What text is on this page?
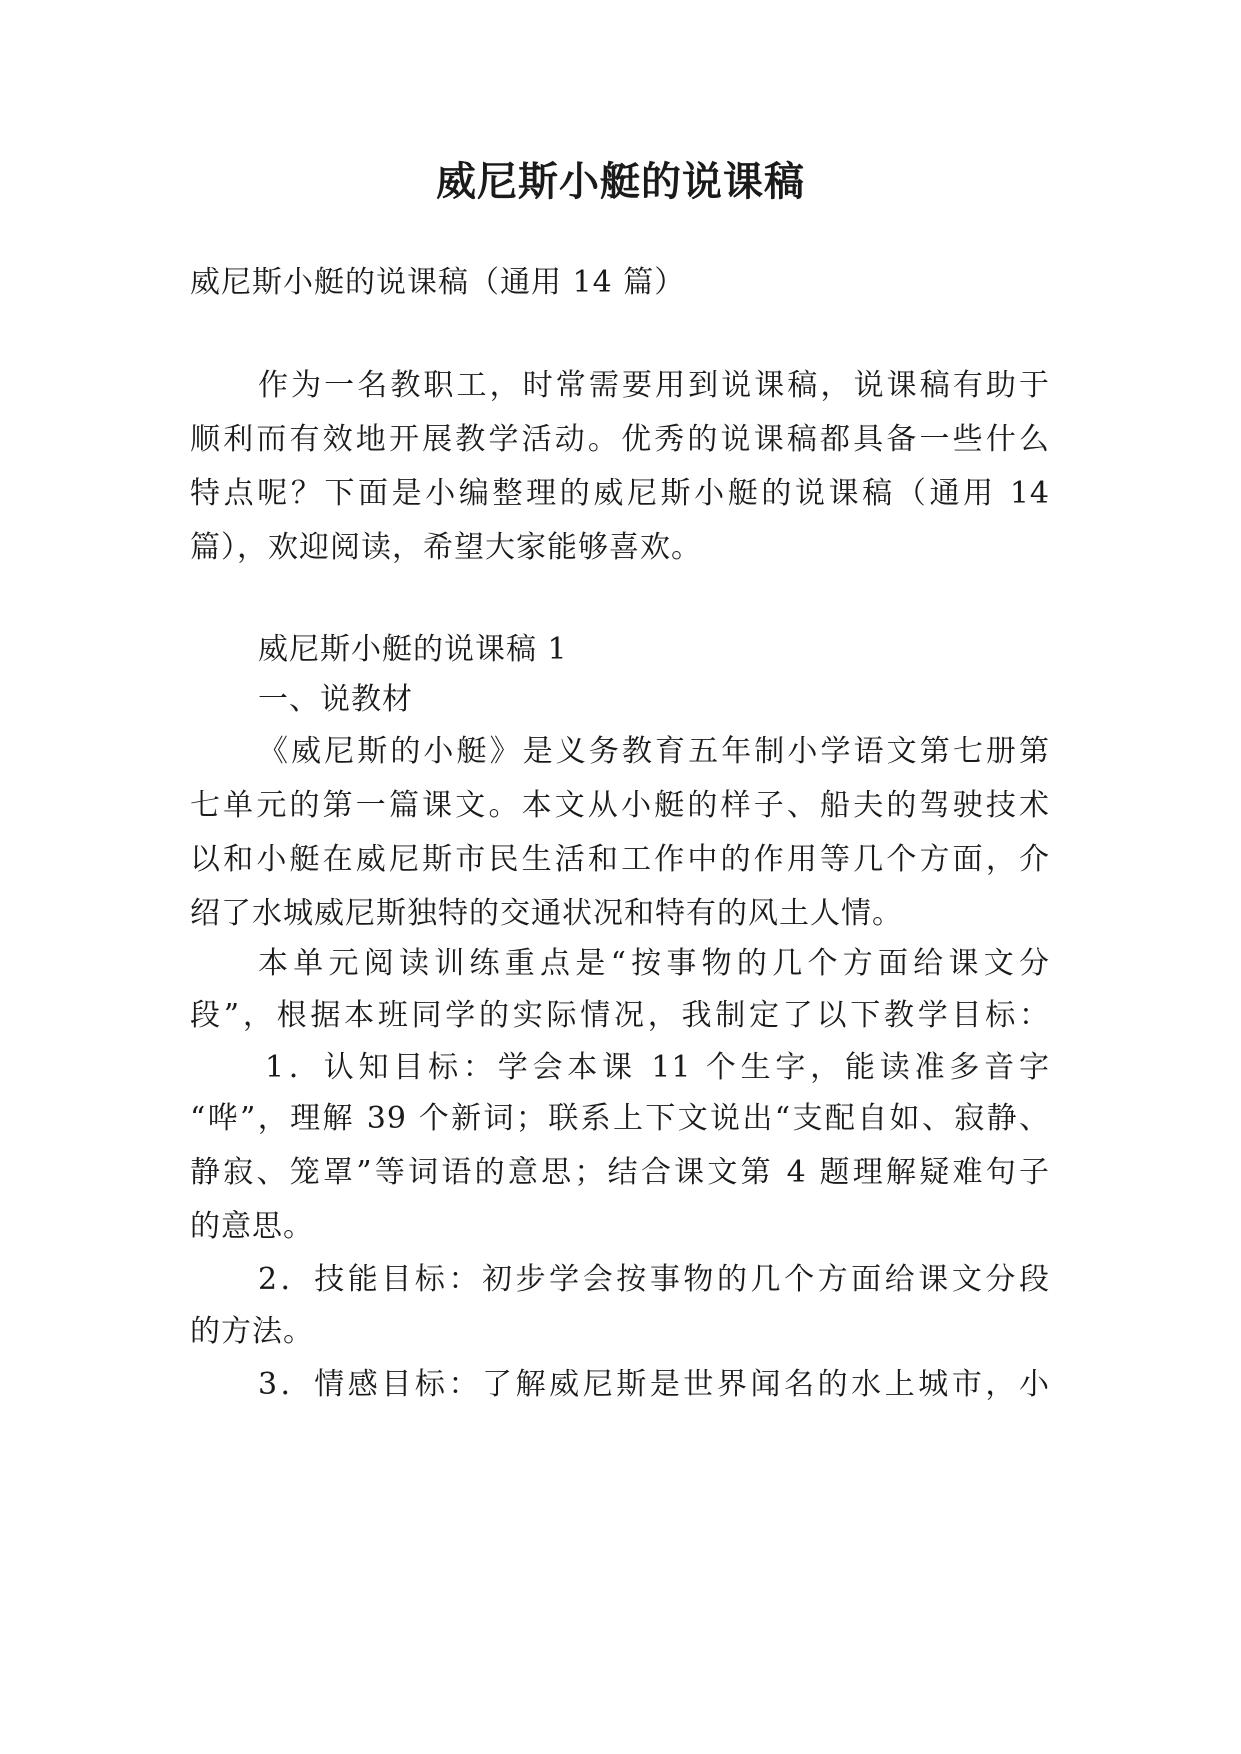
威尼斯小艇的说课稿
威尼斯小艇的说课稿（通用 14 篇）
作为一名教职工，时常需要用到说课稿，说课稿有助于
顺利而有效地开展教学活动。优秀的说课稿都具备一些什么
特点呢？下面是小编整理的威尼斯小艇的说课稿（通用 14
篇），欢迎阅读，希望大家能够喜欢。
威尼斯小艇的说课稿 1
一、说教材
《威尼斯的小艇》是义务教育五年制小学语文第七册第
七单元的第一篇课文。本文从小艇的样子、船夫的驾驶技术
以和小艇在威尼斯市民生活和工作中的作用等几个方面，介
绍了水城威尼斯独特的交通状况和特有的风土人情。
本单元阅读训练重点是“按事物的几个方面给课文分
段”，根据本班同学的实际情况，我制定了以下教学目标：
1．认知目标：学会本课 11 个生字，能读准多音字
“哗”，理解 39 个新词；联系上下文说出“支配自如、寂静、
静寂、笼罩”等词语的意思；结合课文第 4 题理解疑难句子
的意思。
2．技能目标：初步学会按事物的几个方面给课文分段
的方法。
3．情感目标：了解威尼斯是世界闻名的水上城市，小
